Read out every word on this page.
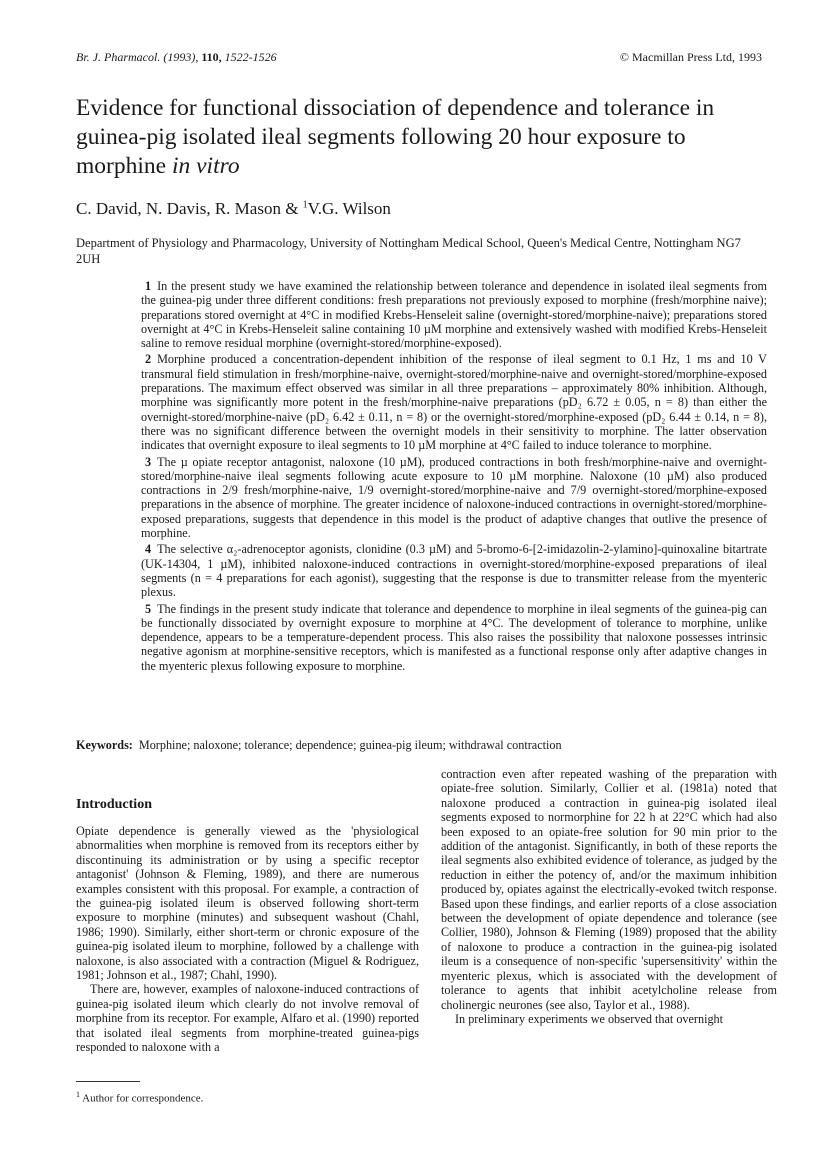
Br. J. Pharmacol. (1993), 110, 1522-1526	© Macmillan Press Ltd, 1993
Evidence for functional dissociation of dependence and tolerance in guinea-pig isolated ileal segments following 20 hour exposure to morphine in vitro
C. David, N. Davis, R. Mason & $^1$V.G. Wilson
Department of Physiology and Pharmacology, University of Nottingham Medical School, Queen's Medical Centre, Nottingham NG7 2UH

1 In the present study we have examined the relationship between tolerance and dependence in isolated ileal segments from the guinea-pig under three different conditions: fresh preparations not previously exposed to morphine (fresh/morphine naive); preparations stored overnight at 4°C in modified Krebs-Henseleit saline (overnight-stored/morphine-naive); preparations stored overnight at 4°C in Krebs-Henseleit saline containing 10 µM morphine and extensively washed with modified Krebs-Henseleit saline to remove residual morphine (overnight-stored/morphine-exposed).

2 Morphine produced a concentration-dependent inhibition of the response of ileal segment to 0.1 Hz, 1 ms and 10 V transmural field stimulation in fresh/morphine-naive, overnight-stored/morphine-naive and overnight-stored/morphine-exposed preparations. The maximum effect observed was similar in all three preparations – approximately 80% inhibition. Although, morphine was significantly more potent in the fresh/morphine-naive preparations (pD₂ 6.72 ± 0.05, n = 8) than either the overnight-stored/morphine-naive (pD₂ 6.42 ± 0.11, n = 8) or the overnight-stored/morphine-exposed (pD₂ 6.44 ± 0.14, n = 8), there was no significant difference between the overnight models in their sensitivity to morphine. The latter observation indicates that overnight exposure to ileal segments to 10 µM morphine at 4°C failed to induce tolerance to morphine.

3 The µ opiate receptor antagonist, naloxone (10 µM), produced contractions in both fresh/morphine-naive and overnight-stored/morphine-naive ileal segments following acute exposure to 10 µM morphine. Naloxone (10 µM) also produced contractions in 2/9 fresh/morphine-naive, 1/9 overnight-stored/morphine-naive and 7/9 overnight-stored/morphine-exposed preparations in the absence of morphine. The greater incidence of naloxone-induced contractions in overnight-stored/morphine-exposed preparations, suggests that dependence in this model is the product of adaptive changes that outlive the presence of morphine.

4 The selective α₂-adrenoceptor agonists, clonidine (0.3 µM) and 5-bromo-6-[2-imidazolin-2-ylamino]-quinoxaline bitartrate (UK-14304, 1 µM), inhibited naloxone-induced contractions in overnight-stored/morphine-exposed preparations of ileal segments (n = 4 preparations for each agonist), suggesting that the response is due to transmitter release from the myenteric plexus.

5 The findings in the present study indicate that tolerance and dependence to morphine in ileal segments of the guinea-pig can be functionally dissociated by overnight exposure to morphine at 4°C. The development of tolerance to morphine, unlike dependence, appears to be a temperature-dependent process. This also raises the possibility that naloxone possesses intrinsic negative agonism at morphine-sensitive receptors, which is manifested as a functional response only after adaptive changes in the myenteric plexus following exposure to morphine.

Keywords: Morphine; naloxone; tolerance; dependence; guinea-pig ileum; withdrawal contraction
Introduction

Opiate dependence is generally viewed as the 'physiological abnormalities when morphine is removed from its receptors either by discontinuing its administration or by using a specific receptor antagonist' (Johnson & Fleming, 1989), and there are numerous examples consistent with this proposal. For example, a contraction of the guinea-pig isolated ileum is observed following short-term exposure to morphine (minutes) and subsequent washout (Chahl, 1986; 1990). Similarly, either short-term or chronic exposure of the guinea-pig isolated ileum to morphine, followed by a challenge with naloxone, is also associated with a contraction (Miguel & Rodriguez, 1981; Johnson et al., 1987; Chahl, 1990).

There are, however, examples of naloxone-induced contractions of guinea-pig isolated ileum which clearly do not involve removal of morphine from its receptor. For example, Alfaro et al. (1990) reported that isolated ileal segments from morphine-treated guinea-pigs responded to naloxone with a

contraction even after repeated washing of the preparation with opiate-free solution. Similarly, Collier et al. (1981a) noted that naloxone produced a contraction in guinea-pig isolated ileal segments exposed to normorphine for 22 h at 22°C which had also been exposed to an opiate-free solution for 90 min prior to the addition of the antagonist. Significantly, in both of these reports the ileal segments also exhibited evidence of tolerance, as judged by the reduction in either the potency of, and/or the maximum inhibition produced by, opiates against the electrically-evoked twitch response. Based upon these findings, and earlier reports of a close association between the development of opiate dependence and tolerance (see Collier, 1980), Johnson & Fleming (1989) proposed that the ability of naloxone to produce a contraction in the guinea-pig isolated ileum is a consequence of non-specific 'supersensitivity' within the myenteric plexus, which is associated with the development of tolerance to agents that inhibit acetylcholine release from cholinergic neurones (see also, Taylor et al., 1988).

In preliminary experiments we observed that overnight

$^1$ Author for correspondence.
